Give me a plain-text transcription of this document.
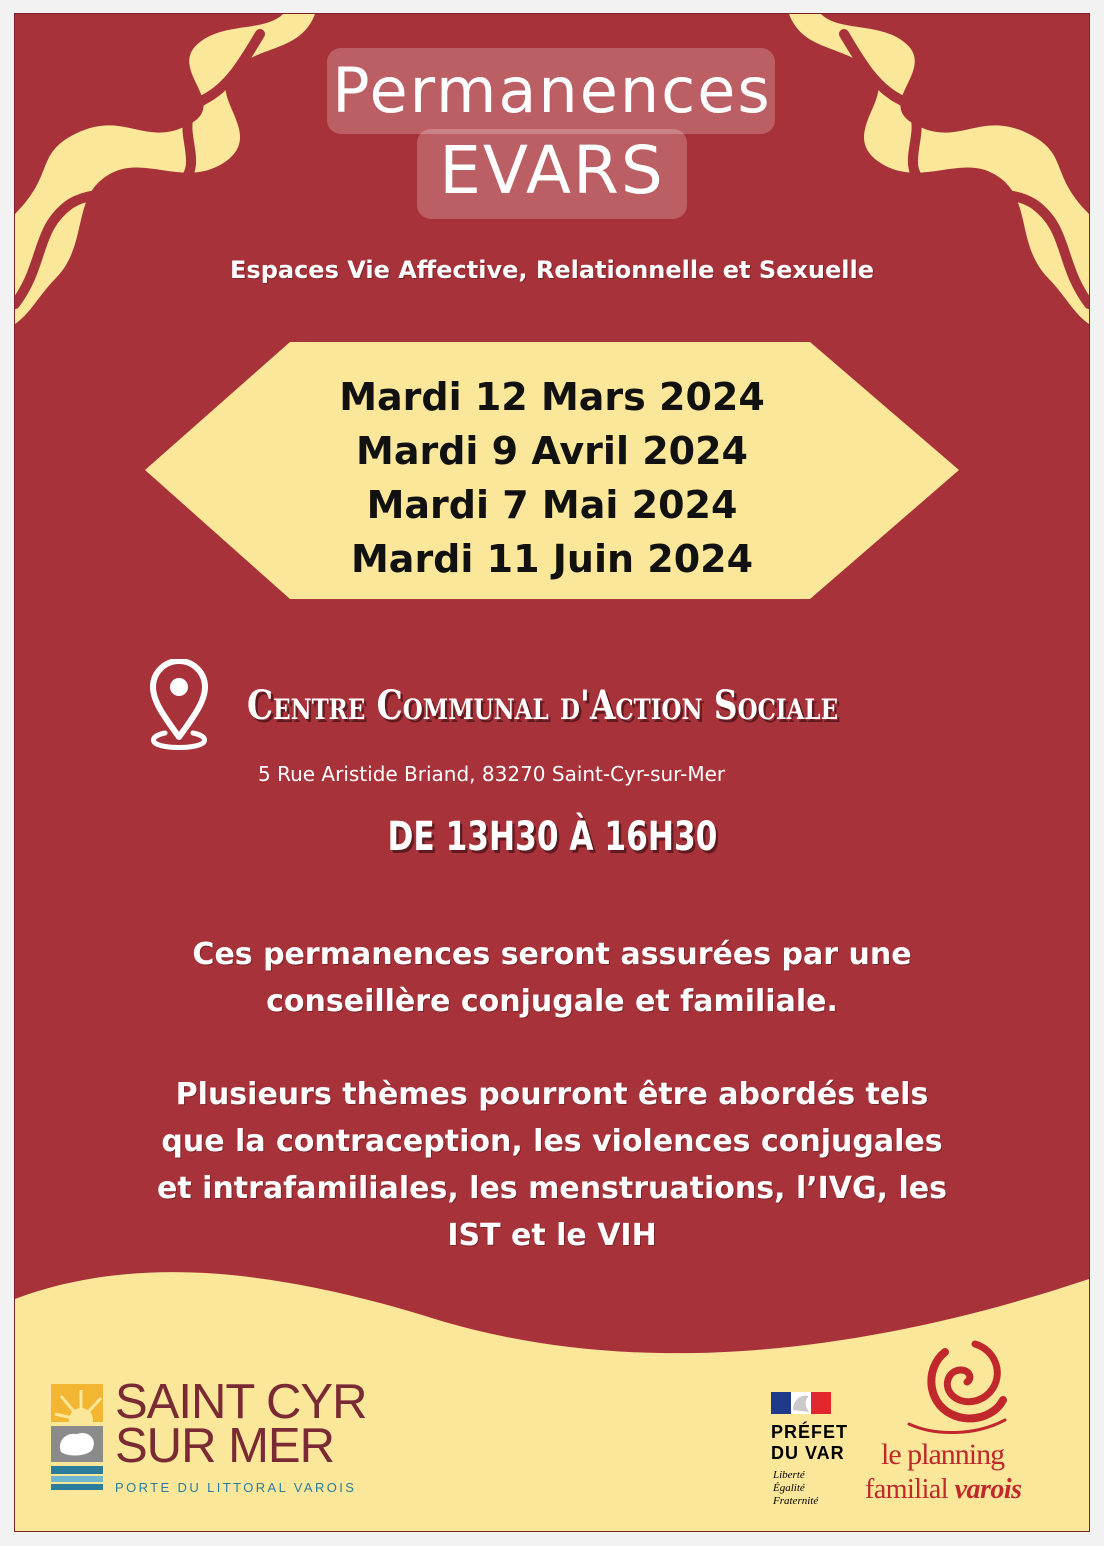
Permanences
EVARS
Espaces Vie Affective, Relationnelle et Sexuelle
Mardi 12 Mars 2024
Mardi 9 Avril 2024
Mardi 7 Mai 2024
Mardi 11 Juin 2024
Centre Communal d'Action Sociale
5 Rue Aristide Briand, 83270 Saint-Cyr-sur-Mer
DE 13H30 À 16H30
Ces permanences seront assurées par une
conseillère conjugale et familiale.
Plusieurs thèmes pourront être abordés tels
que la contraception, les violences conjugales
et intrafamiliales, les menstruations, l’IVG, les
IST et le VIH
SAINT CYR
SUR MER
PORTE DU LITTORAL VAROIS
PRÉFET
DU VAR
Liberté
Égalité
Fraternité
le planning
familial varois
